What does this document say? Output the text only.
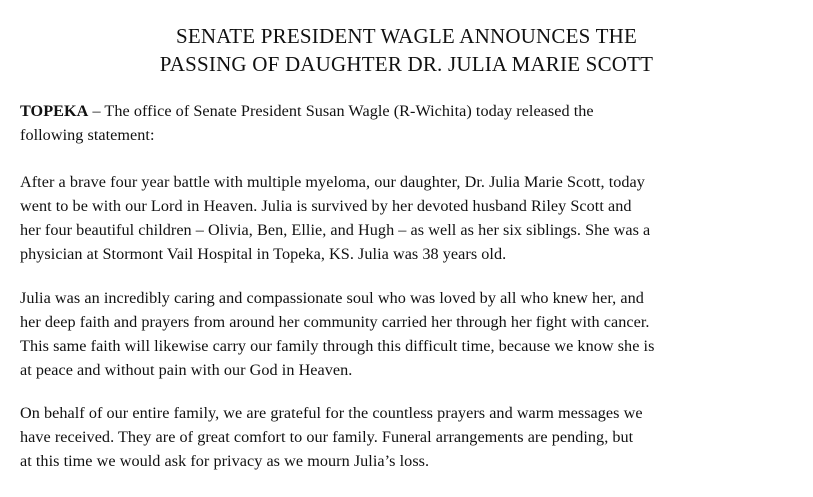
SENATE PRESIDENT WAGLE ANNOUNCES THE
PASSING OF DAUGHTER DR. JULIA MARIE SCOTT
TOPEKA – The office of Senate President Susan Wagle (R-Wichita) today released the
following statement:
After a brave four year battle with multiple myeloma, our daughter, Dr. Julia Marie Scott, today
went to be with our Lord in Heaven. Julia is survived by her devoted husband Riley Scott and
her four beautiful children – Olivia, Ben, Ellie, and Hugh – as well as her six siblings. She was a
physician at Stormont Vail Hospital in Topeka, KS. Julia was 38 years old.
Julia was an incredibly caring and compassionate soul who was loved by all who knew her, and
her deep faith and prayers from around her community carried her through her fight with cancer.
This same faith will likewise carry our family through this difficult time, because we know she is
at peace and without pain with our God in Heaven.
On behalf of our entire family, we are grateful for the countless prayers and warm messages we
have received. They are of great comfort to our family. Funeral arrangements are pending, but
at this time we would ask for privacy as we mourn Julia’s loss.
